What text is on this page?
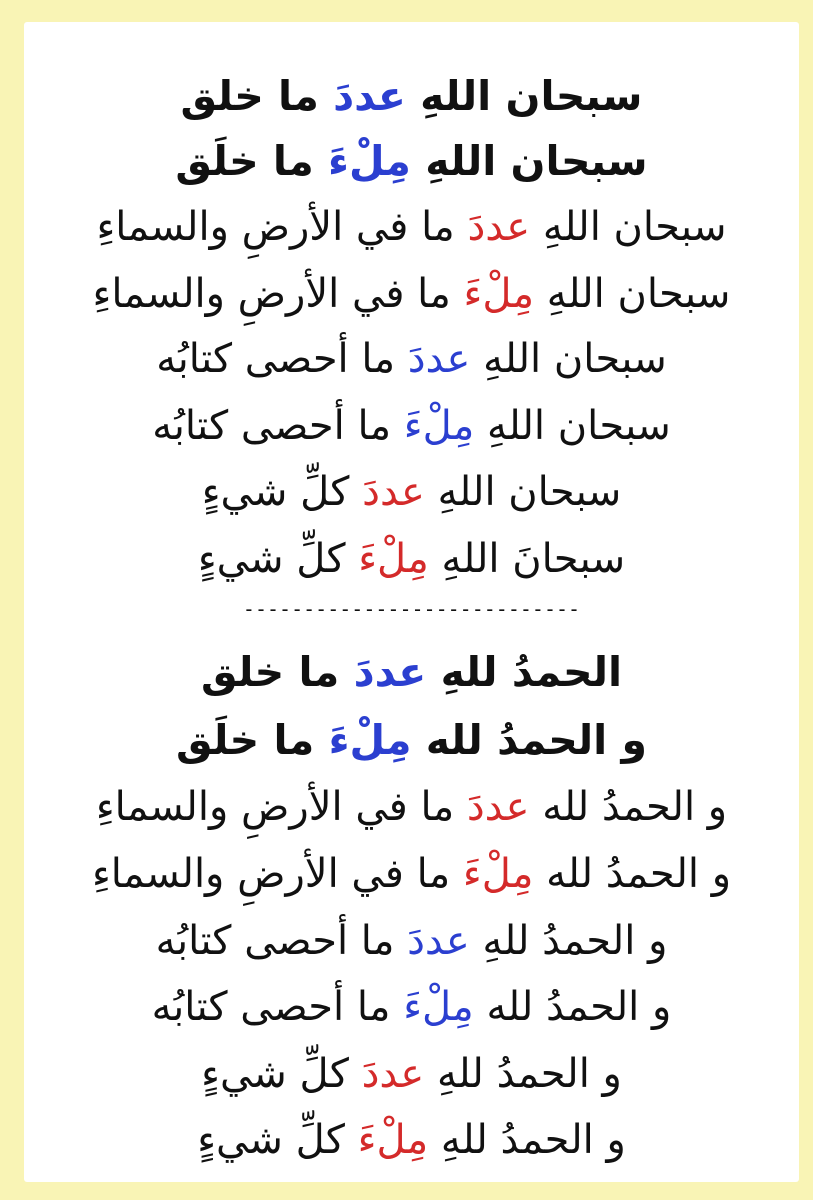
سبحان اللهِ عددَ ما خلق
سبحان اللهِ مِلْءَ ما خلَق
سبحان اللهِ عددَ ما في الأرضِ والسماءِ
سبحان اللهِ مِلْءَ ما في الأرضِ والسماءِ
سبحان اللهِ عددَ ما أحصى كتابُه
سبحان اللهِ مِلْءَ ما أحصى كتابُه
سبحان اللهِ عددَ كلِّ شيءٍ
سبحانَ اللهِ مِلْءَ كلِّ شيءٍ
----------------------------
الحمدُ للهِ عددَ ما خلق
و الحمدُ لله مِلْءَ ما خلَق
و الحمدُ لله عددَ ما في الأرضِ والسماءِ
و الحمدُ لله مِلْءَ ما في الأرضِ والسماءِ
و الحمدُ للهِ عددَ ما أحصى كتابُه
و الحمدُ لله مِلْءَ ما أحصى كتابُه
و الحمدُ للهِ عددَ كلِّ شيءٍ
و الحمدُ للهِ مِلْءَ كلِّ شيءٍ
